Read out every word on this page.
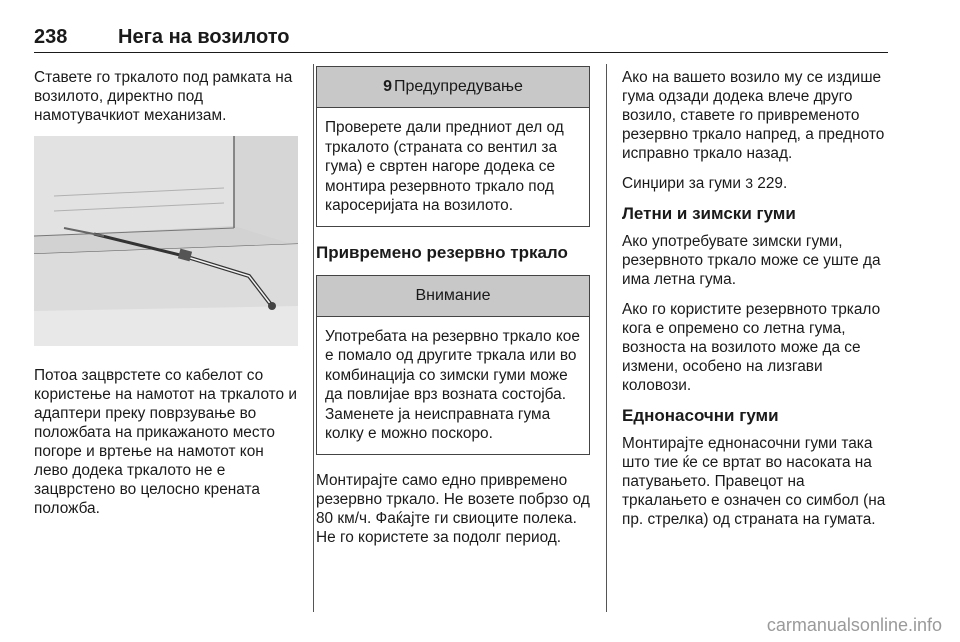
238	Нега на возилото

Ставете го тркалото под рамката на возилото, директно под намотувачкиот механизам.

Потоа зацврстете со кабелот со користење на намотот на тркалото и адаптери преку поврзување во положбата на прикажаното место погоре и вртење на намотот кон лево додека тркалото не е зацврстено во целосно крената положба.

9 Предупредување
Проверете дали предниот дел од тркалото (страната со вентил за гума) е свртен нагоре додека се монтира резервното тркало под каросеријата на возилото.
Привремено резервно тркало
Внимание
Употребата на резервно тркало кое е помало од другите тркала или во комбинација со зимски гуми може да повлијае врз возната состојба. Заменете ја неисправната гума колку е можно поскоро.

Монтирајте само едно привремено резервно тркало. Не возете побрзо од 80 км/ч. Фаќајте ги свиоците полека. Не го користете за подолг период.

Ако на вашето возило му се издише гума одзади додека влече друго возило, ставете го привременото резервно тркало напред, а предното исправно тркало назад.

Синџири за гуми 3 229.

Летни и зимски гуми

Ако употребувате зимски гуми, резервното тркало може се уште да има летна гума.

Ако го користите резервното тркало кога е опремено со летна гума, возноста на возилото може да се измени, особено на лизгави коловози.

Еднонасочни гуми

Монтирајте еднонасочни гуми така што тие ќе се вртат во насоката на патувањето. Правецот на тркалањето е означен со симбол (на пр. стрелка) од страната на гумата.

carmanualsonline.info
